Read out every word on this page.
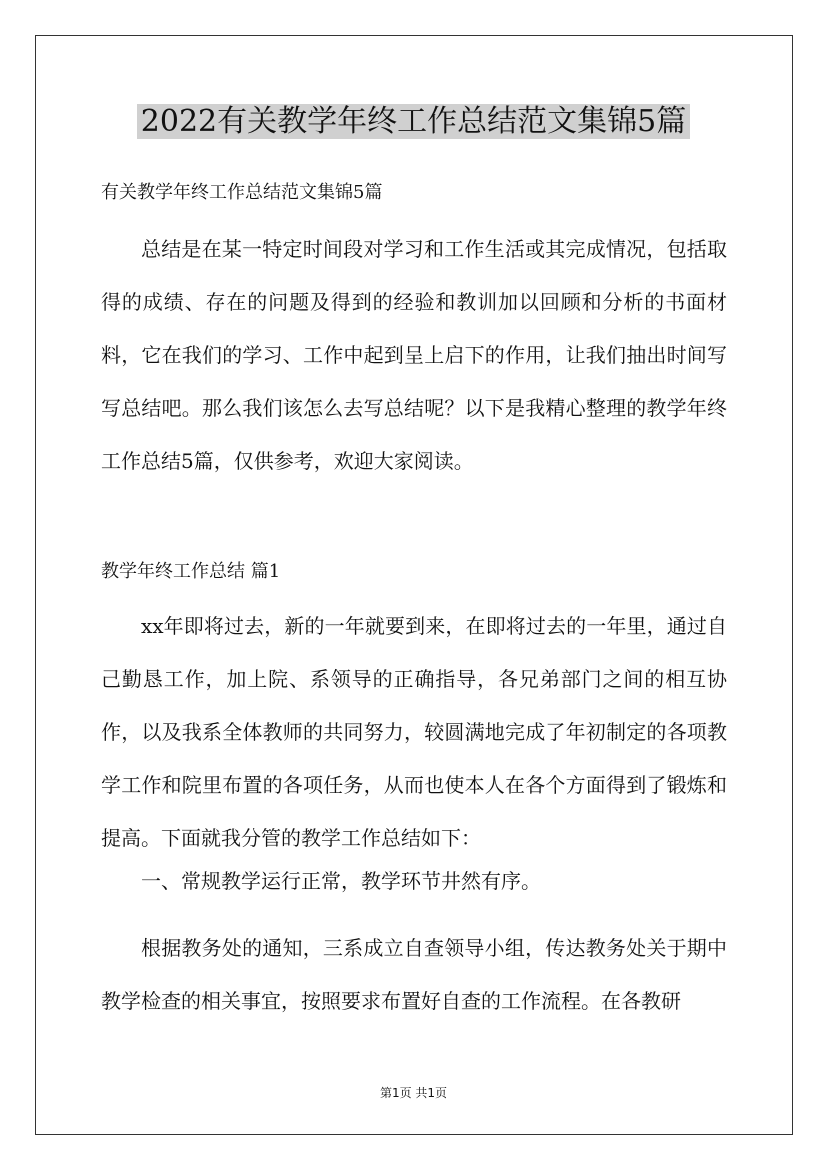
2022有关教学年终工作总结范文集锦5篇
有关教学年终工作总结范文集锦5篇

总结是在某一特定时间段对学习和工作生活或其完成情况，包括取得的成绩、存在的问题及得到的经验和教训加以回顾和分析的书面材料，它在我们的学习、工作中起到呈上启下的作用，让我们抽出时间写写总结吧。那么我们该怎么去写总结呢？以下是我精心整理的教学年终工作总结5篇，仅供参考，欢迎大家阅读。

教学年终工作总结 篇1

xx年即将过去，新的一年就要到来，在即将过去的一年里，通过自己勤恳工作，加上院、系领导的正确指导，各兄弟部门之间的相互协作，以及我系全体教师的共同努力，较圆满地完成了年初制定的各项教学工作和院里布置的各项任务，从而也使本人在各个方面得到了锻炼和提高。下面就我分管的教学工作总结如下：

一、常规教学运行正常，教学环节井然有序。

根据教务处的通知，三系成立自查领导小组，传达教务处关于期中教学检查的相关事宜，按照要求布置好自查的工作流程。在各教研

第1页 共1页
